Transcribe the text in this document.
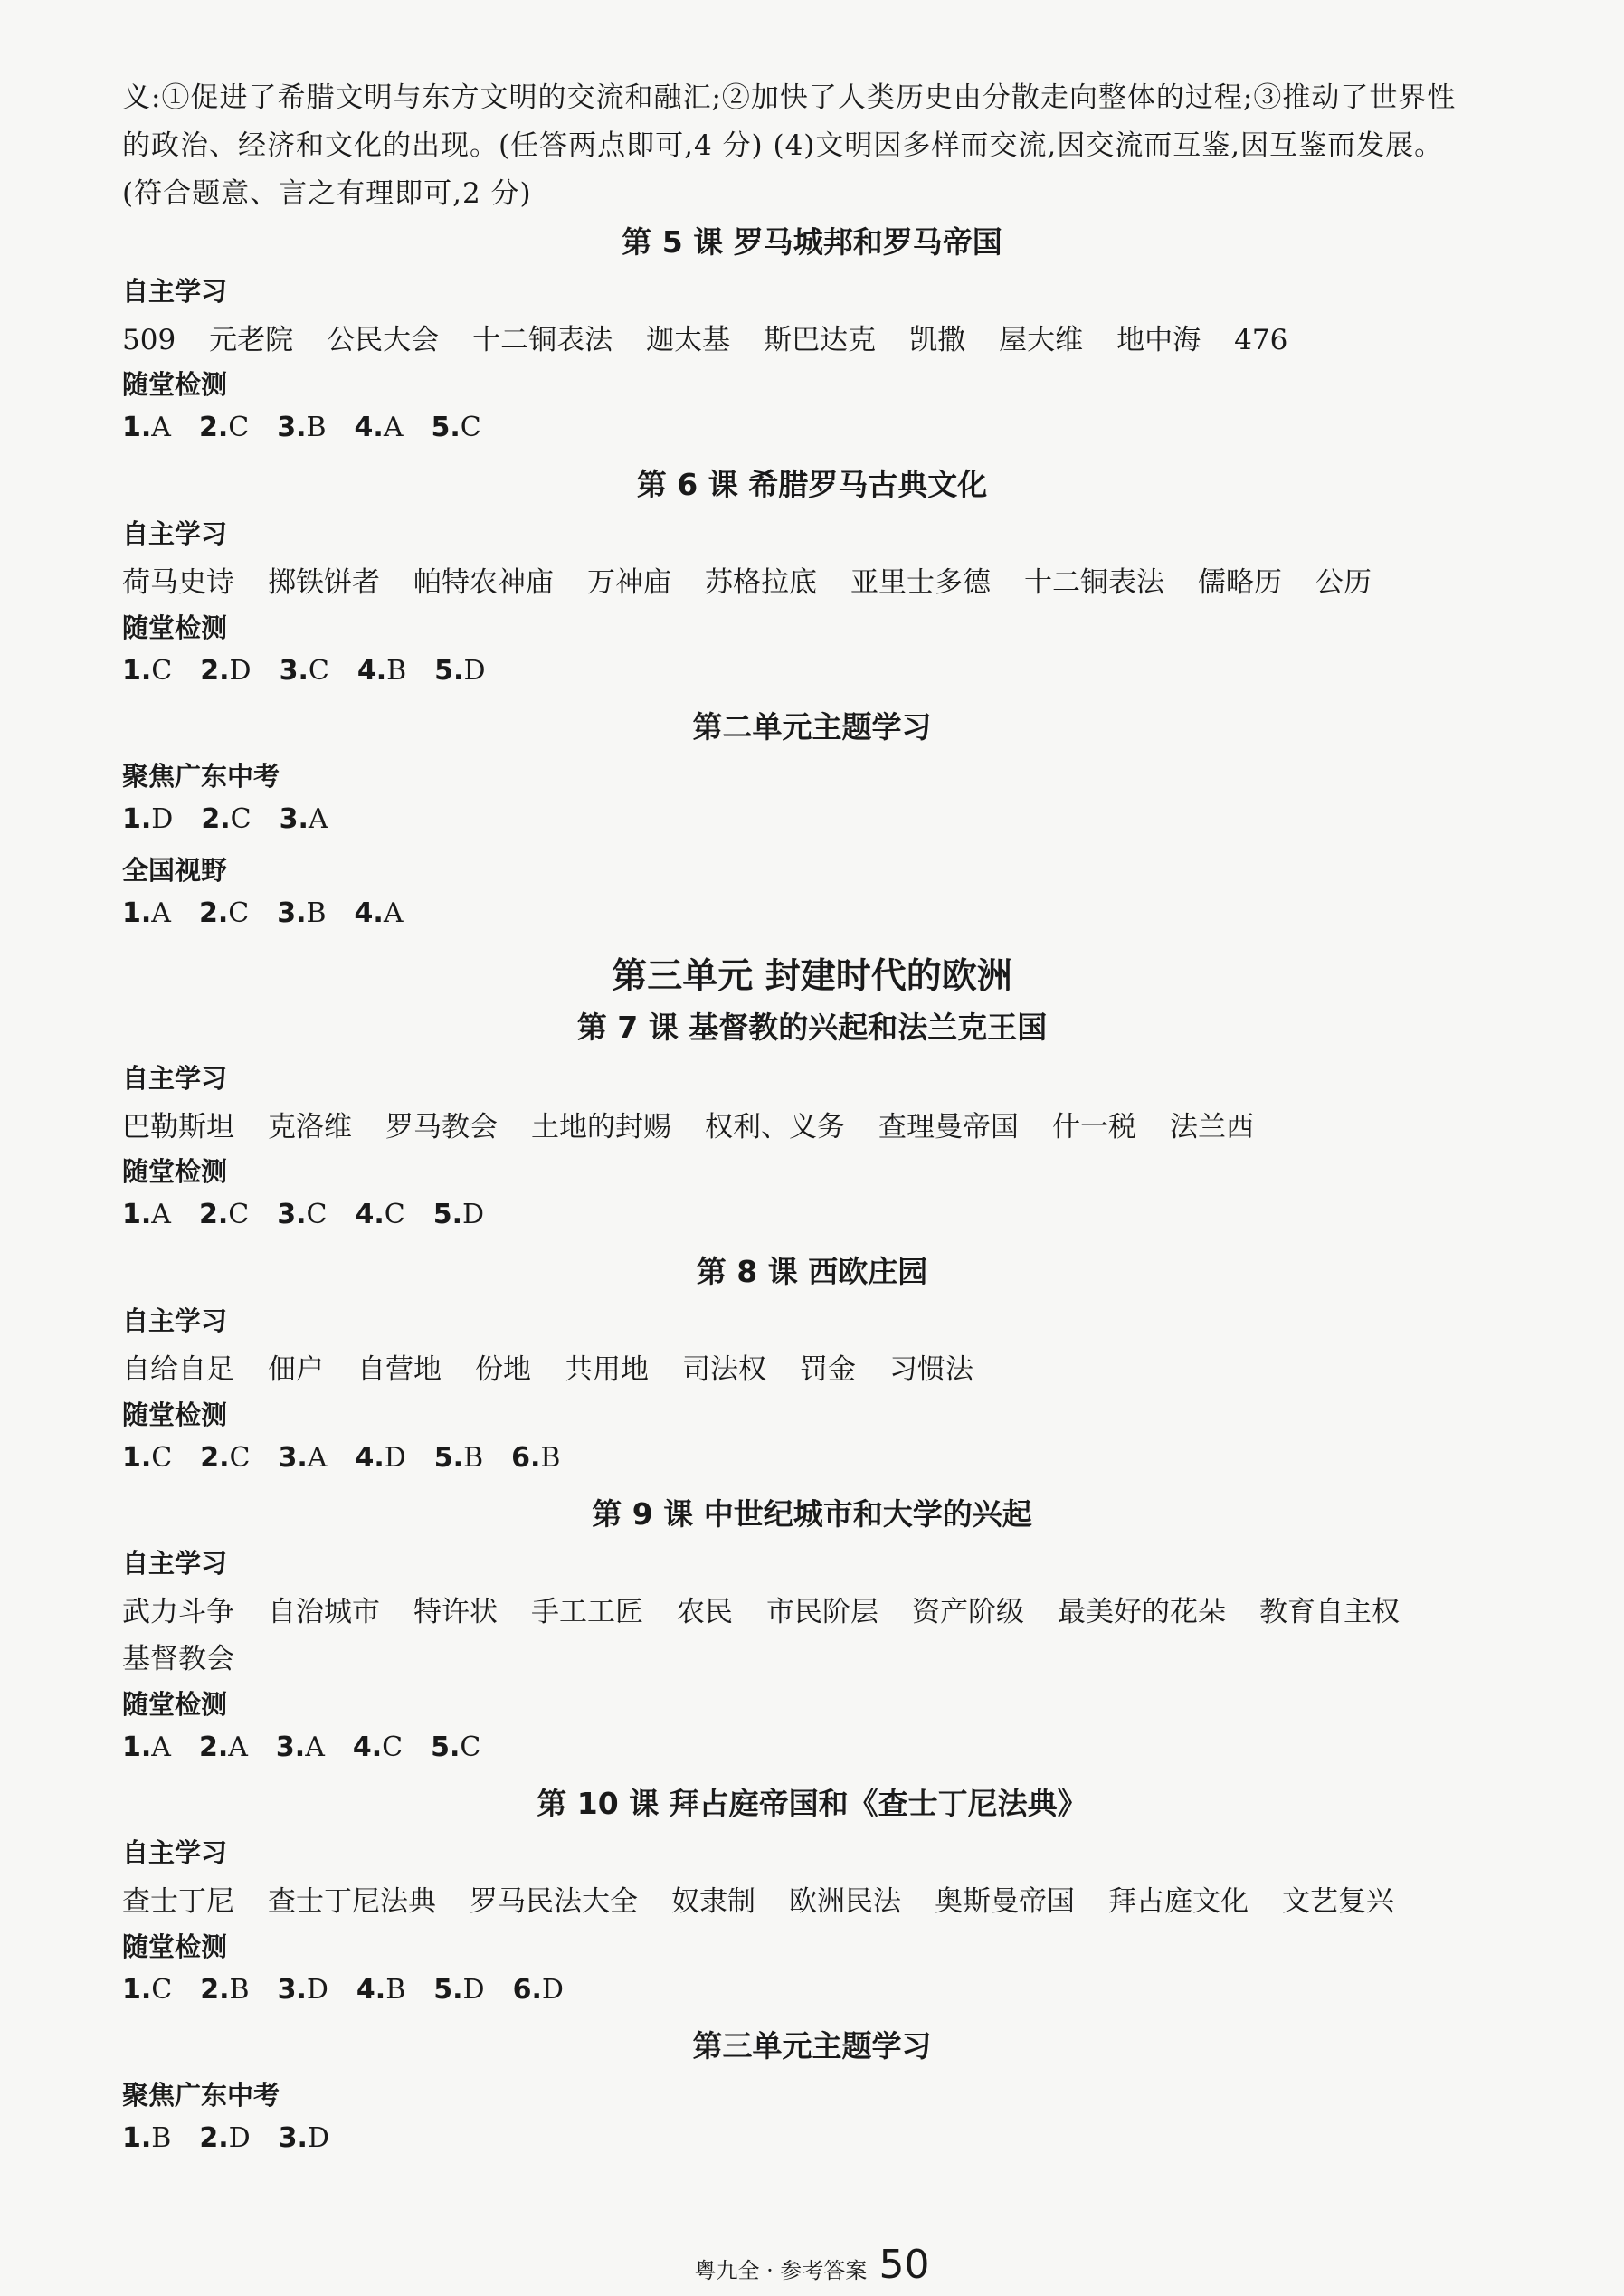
义:①促进了希腊文明与东方文明的交流和融汇;②加快了人类历史由分散走向整体的过程;③推动了世界性
的政治、经济和文化的出现。(任答两点即可,4 分) (4)文明因多样而交流,因交流而互鉴,因互鉴而发展。
(符合题意、言之有理即可,2 分)
第 5 课 罗马城邦和罗马帝国
自主学习
509 元老院 公民大会 十二铜表法 迦太基 斯巴达克 凯撒 屋大维 地中海 476
随堂检测
1.A 2.C 3.B 4.A 5.C
第 6 课 希腊罗马古典文化
自主学习
荷马史诗 掷铁饼者 帕特农神庙 万神庙 苏格拉底 亚里士多德 十二铜表法 儒略历 公历
随堂检测
1.C 2.D 3.C 4.B 5.D
第二单元主题学习
聚焦广东中考
1.D 2.C 3.A
全国视野
1.A 2.C 3.B 4.A
第三单元 封建时代的欧洲
第 7 课 基督教的兴起和法兰克王国
自主学习
巴勒斯坦 克洛维 罗马教会 土地的封赐 权利、义务 查理曼帝国 什一税 法兰西
随堂检测
1.A 2.C 3.C 4.C 5.D
第 8 课 西欧庄园
自主学习
自给自足 佃户 自营地 份地 共用地 司法权 罚金 习惯法
随堂检测
1.C 2.C 3.A 4.D 5.B 6.B
第 9 课 中世纪城市和大学的兴起
自主学习
武力斗争 自治城市 特许状 手工工匠 农民 市民阶层 资产阶级 最美好的花朵 教育自主权
基督教会
随堂检测
1.A 2.A 3.A 4.C 5.C
第 10 课 拜占庭帝国和《查士丁尼法典》
自主学习
查士丁尼 查士丁尼法典 罗马民法大全 奴隶制 欧洲民法 奥斯曼帝国 拜占庭文化 文艺复兴
随堂检测
1.C 2.B 3.D 4.B 5.D 6.D
第三单元主题学习
聚焦广东中考
1.B 2.D 3.D
粤九全 · 参考答案 50
